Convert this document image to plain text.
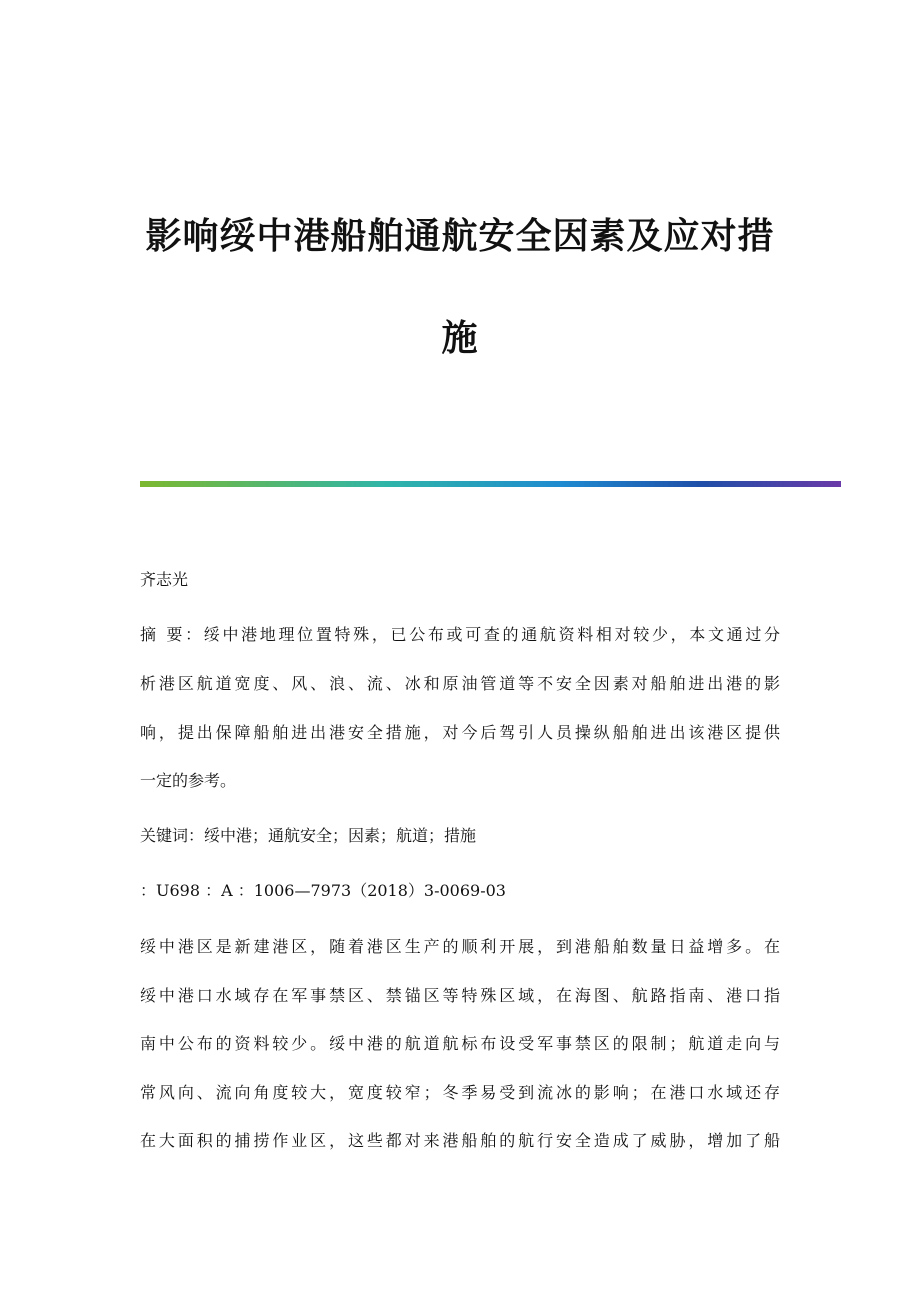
影响绥中港船舶通航安全因素及应对措
施
齐志光
摘 要：绥中港地理位置特殊，已公布或可查的通航资料相对较少，本文通过分
析港区航道宽度、风、浪、流、冰和原油管道等不安全因素对船舶进出港的影
响，提出保障船舶进出港安全措施，对今后驾引人员操纵船舶进出该港区提供
一定的参考。
关键词：绥中港；通航安全；因素；航道；措施
：U698 ：A ：1006—7973（2018）3-0069-03
绥中港区是新建港区，随着港区生产的顺利开展，到港船舶数量日益增多。在
绥中港口水域存在军事禁区、禁锚区等特殊区域，在海图、航路指南、港口指
南中公布的资料较少。绥中港的航道航标布设受军事禁区的限制；航道走向与
常风向、流向角度较大，宽度较窄；冬季易受到流冰的影响；在港口水域还存
在大面积的捕捞作业区，这些都对来港船舶的航行安全造成了威胁，增加了船
